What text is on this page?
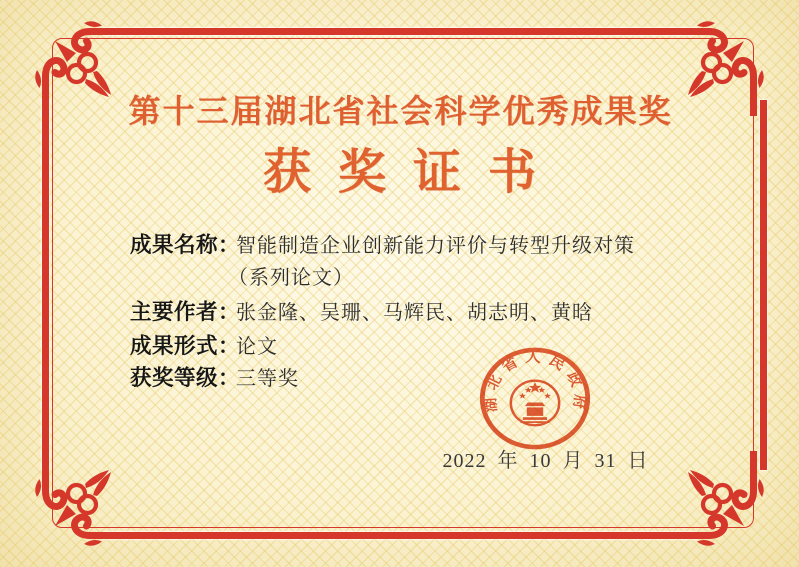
第十三届湖北省社会科学优秀成果奖
获奖证书
成果名称：
智能制造企业创新能力评价与转型升级对策
（系列论文）
主要作者：
张金隆、吴珊、马辉民、胡志明、黄晗
成果形式：
论文
获奖等级：
三等奖
湖北省人民政府
2022 年 10 月 31 日
